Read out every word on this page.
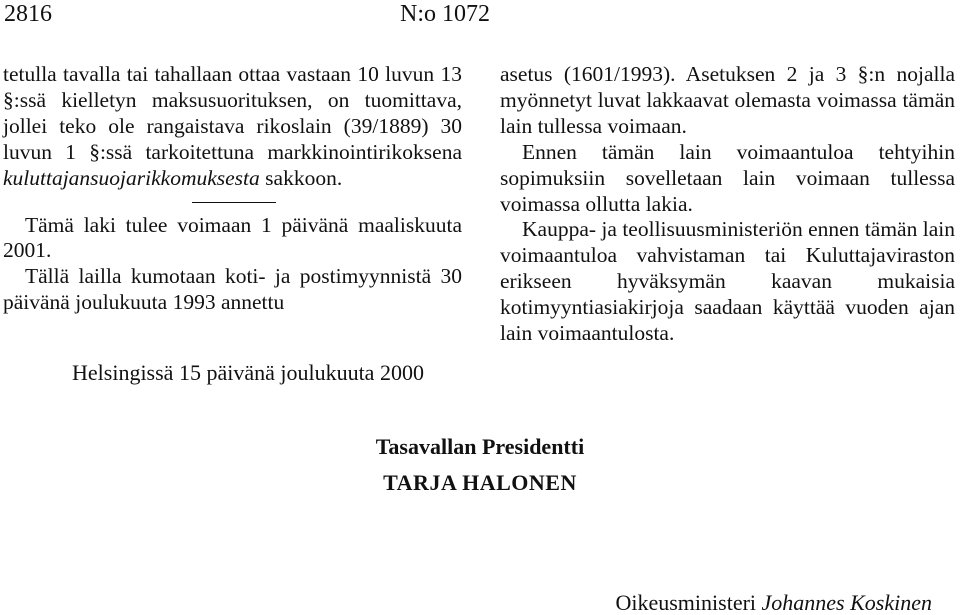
2816	N:o 1072

tetulla tavalla tai tahallaan ottaa vastaan 10 luvun 13 §:ssä kielletyn maksusuorituksen, on tuomittava, jollei teko ole rangaistava rikoslain (39/1889) 30 luvun 1 §:ssä tarkoitettuna markkinointirikoksena kuluttajansuojarikkomuksesta sakkoon.

Tämä laki tulee voimaan 1 päivänä maaliskuuta 2001.

Tällä lailla kumotaan koti- ja postimyynnistä 30 päivänä joulukuuta 1993 annettu

asetus (1601/1993). Asetuksen 2 ja 3 §:n nojalla myönnetyt luvat lakkaavat olemasta voimassa tämän lain tullessa voimaan.

Ennen tämän lain voimaantuloa tehtyihin sopimuksiin sovelletaan lain voimaan tullessa voimassa ollutta lakia.

Kauppa- ja teollisuusministeriön ennen tämän lain voimaantuloa vahvistaman tai Kuluttajaviraston erikseen hyväksymän kaavan mukaisia kotimyyntiasiakirjoja saadaan käyttää vuoden ajan lain voimaantulosta.

Helsingissä 15 päivänä joulukuuta 2000
Tasavallan Presidentti
TARJA HALONEN
Oikeusministeri Johannes Koskinen
